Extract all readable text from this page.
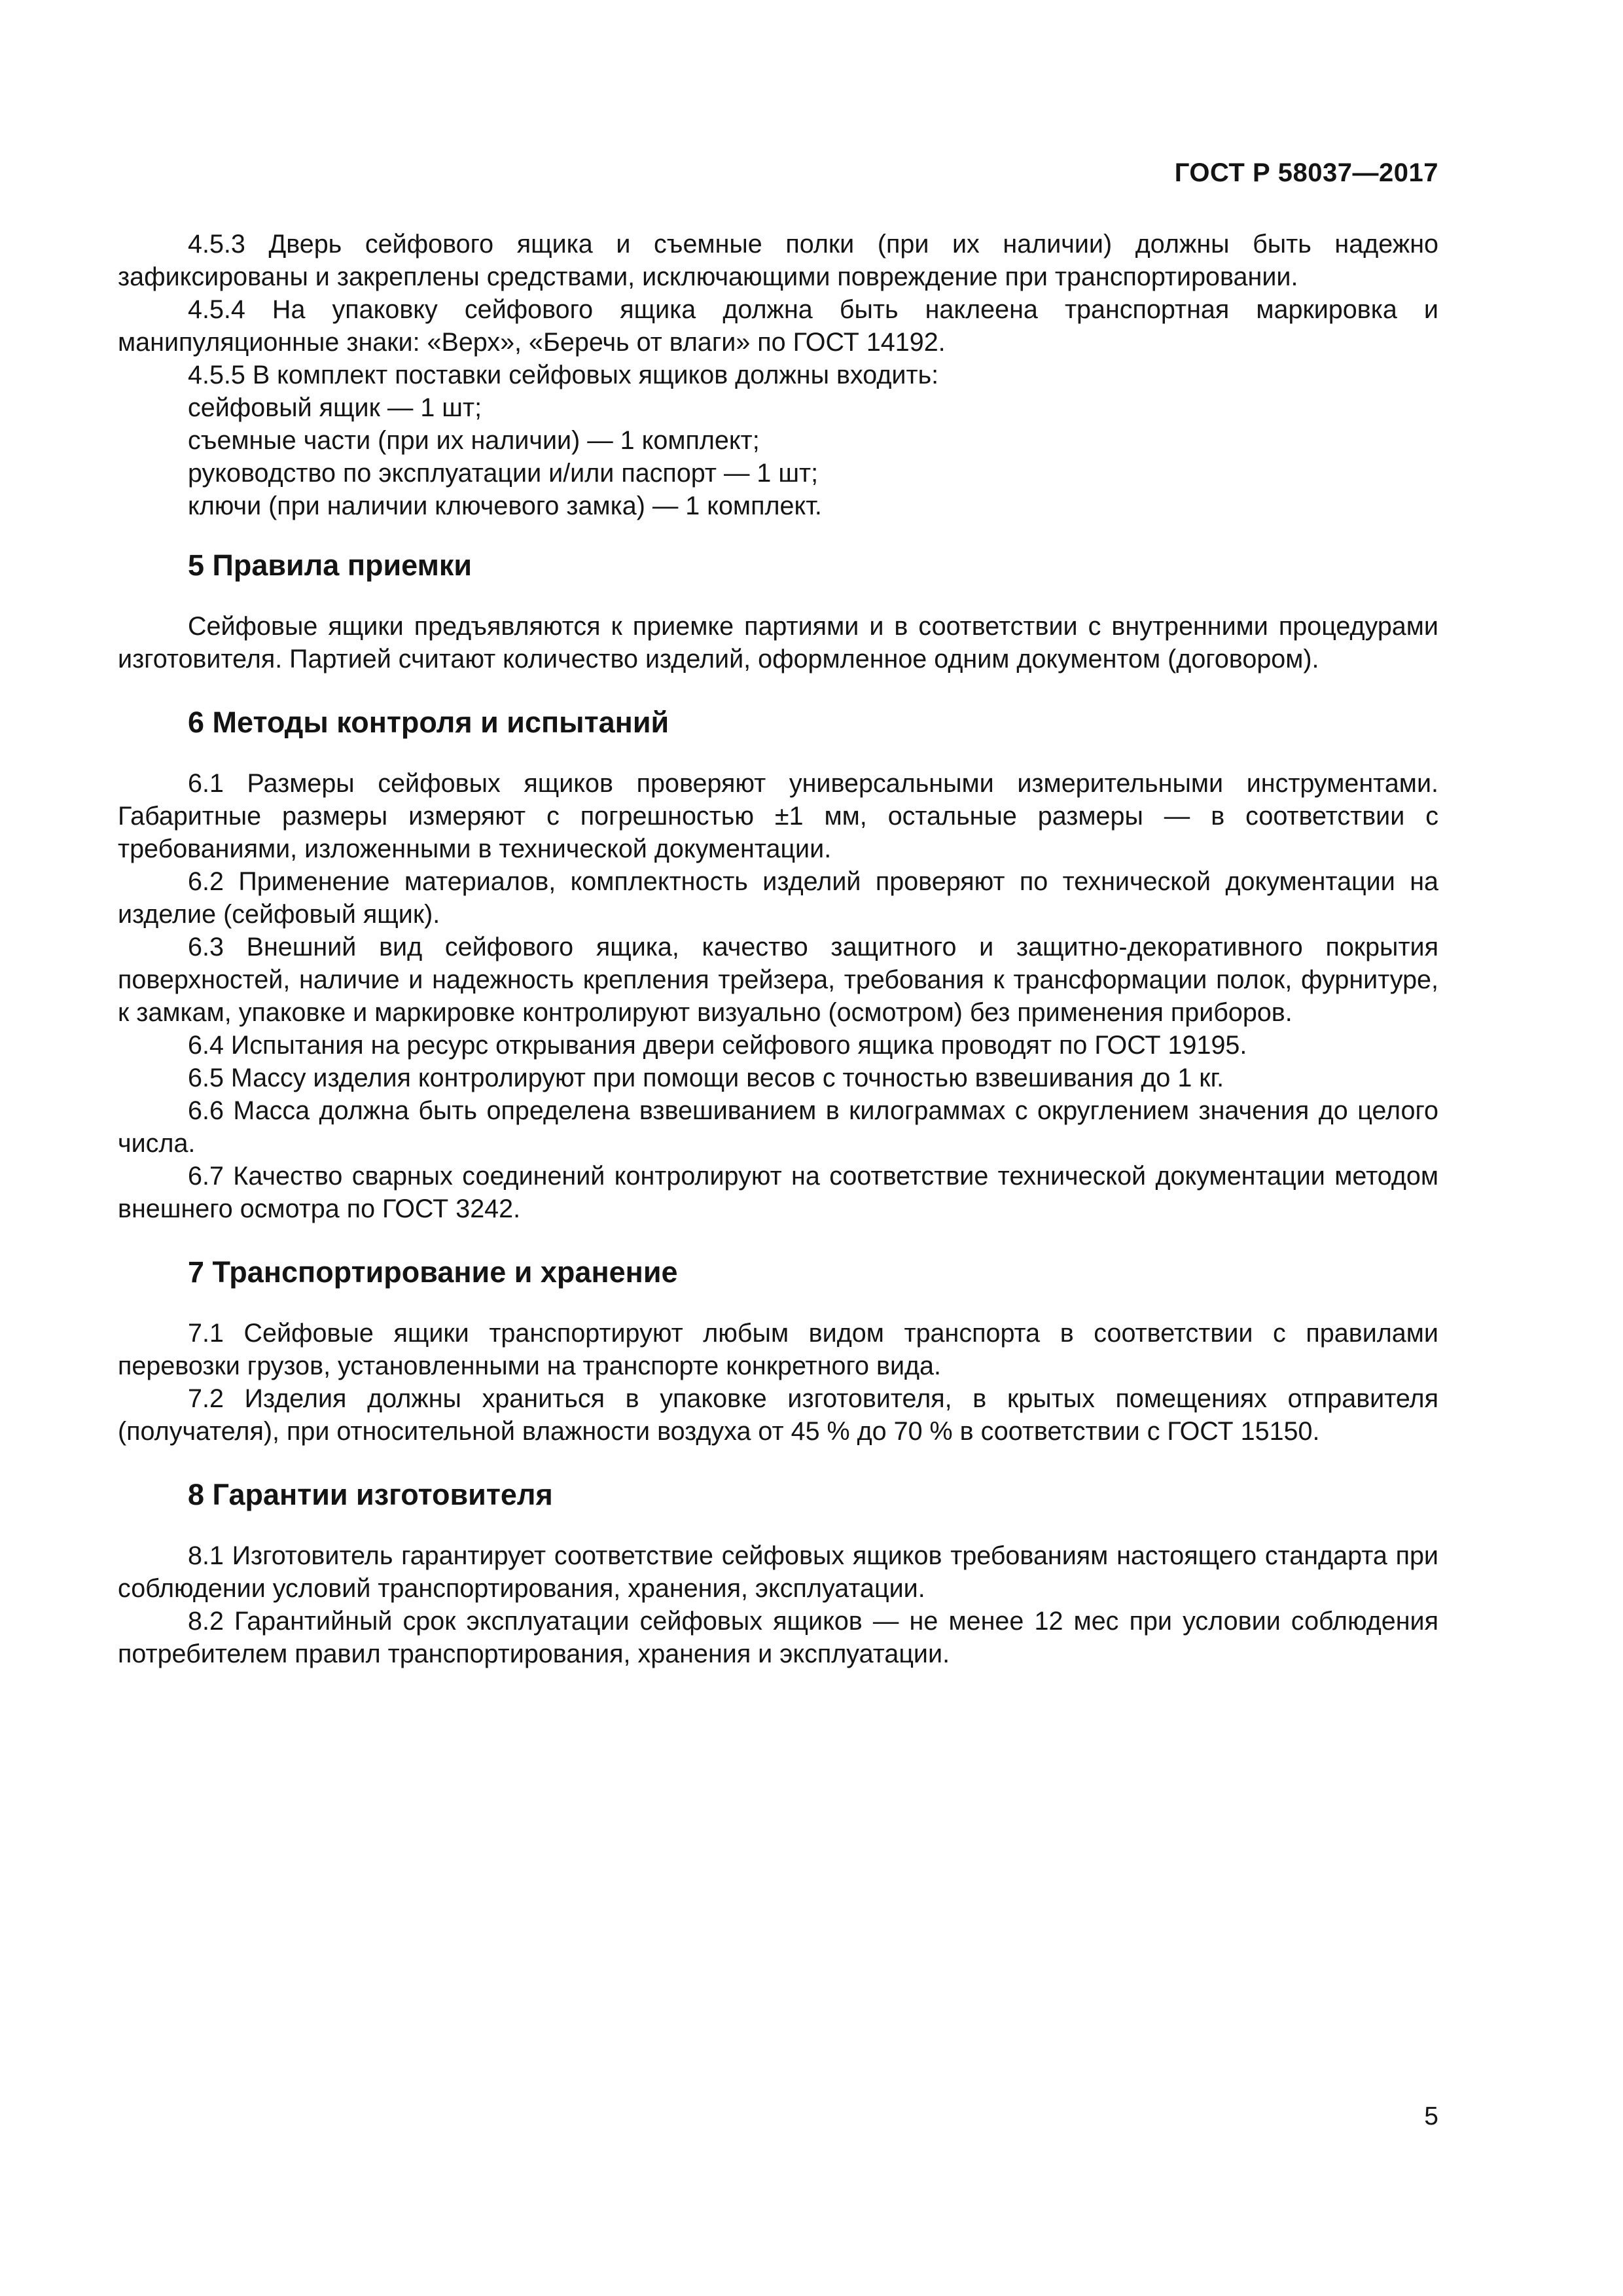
ГОСТ Р 58037—2017

4.5.3 Дверь сейфового ящика и съемные полки (при их наличии) должны быть надежно зафиксированы и закреплены средствами, исключающими повреждение при транспортировании.

4.5.4 На упаковку сейфового ящика должна быть наклеена транспортная маркировка и манипуляционные знаки: «Верх», «Беречь от влаги» по ГОСТ 14192.

4.5.5 В комплект поставки сейфовых ящиков должны входить:

сейфовый ящик — 1 шт;

съемные части (при их наличии) — 1 комплект;

руководство по эксплуатации и/или паспорт — 1 шт;

ключи (при наличии ключевого замка) — 1 комплект.

5 Правила приемки

Сейфовые ящики предъявляются к приемке партиями и в соответствии с внутренними процедурами изготовителя. Партией считают количество изделий, оформленное одним документом (договором).

6 Методы контроля и испытаний

6.1 Размеры сейфовых ящиков проверяют универсальными измерительными инструментами. Габаритные размеры измеряют с погрешностью ±1 мм, остальные размеры — в соответствии с требованиями, изложенными в технической документации.

6.2 Применение материалов, комплектность изделий проверяют по технической документации на изделие (сейфовый ящик).

6.3 Внешний вид сейфового ящика, качество защитного и защитно-декоративного покрытия поверхностей, наличие и надежность крепления трейзера, требования к трансформации полок, фурнитуре, к замкам, упаковке и маркировке контролируют визуально (осмотром) без применения приборов.

6.4 Испытания на ресурс открывания двери сейфового ящика проводят по ГОСТ 19195.

6.5 Массу изделия контролируют при помощи весов с точностью взвешивания до 1 кг.

6.6 Масса должна быть определена взвешиванием в килограммах с округлением значения до целого числа.

6.7 Качество сварных соединений контролируют на соответствие технической документации методом внешнего осмотра по ГОСТ 3242.

7 Транспортирование и хранение

7.1 Сейфовые ящики транспортируют любым видом транспорта в соответствии с правилами перевозки грузов, установленными на транспорте конкретного вида.

7.2 Изделия должны храниться в упаковке изготовителя, в крытых помещениях отправителя (получателя), при относительной влажности воздуха от 45 % до 70 % в соответствии с ГОСТ 15150.

8 Гарантии изготовителя

8.1 Изготовитель гарантирует соответствие сейфовых ящиков требованиям настоящего стандарта при соблюдении условий транспортирования, хранения, эксплуатации.

8.2 Гарантийный срок эксплуатации сейфовых ящиков — не менее 12 мес при условии соблюдения потребителем правил транспортирования, хранения и эксплуатации.

5
